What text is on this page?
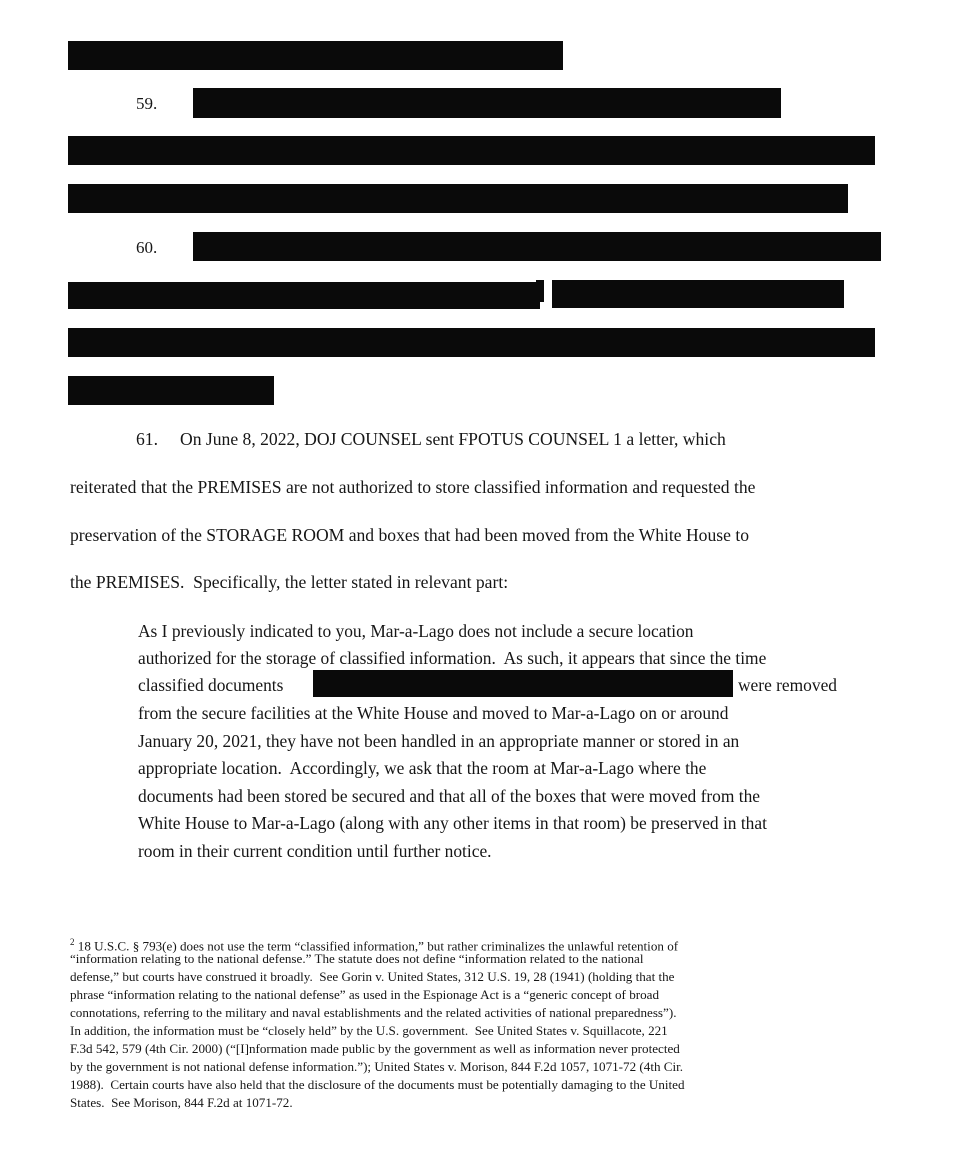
59.
60.
61.     On June 8, 2022, DOJ COUNSEL sent FPOTUS COUNSEL 1 a letter, which
reiterated that the PREMISES are not authorized to store classified information and requested the
preservation of the STORAGE ROOM and boxes that had been moved from the White House to
the PREMISES.  Specifically, the letter stated in relevant part:
As I previously indicated to you, Mar-a-Lago does not include a secure location
authorized for the storage of classified information.  As such, it appears that since the time
classified documents	were removed
from the secure facilities at the White House and moved to Mar-a-Lago on or around
January 20, 2021, they have not been handled in an appropriate manner or stored in an
appropriate location.  Accordingly, we ask that the room at Mar-a-Lago where the
documents had been stored be secured and that all of the boxes that were moved from the
White House to Mar-a-Lago (along with any other items in that room) be preserved in that
room in their current condition until further notice.
$^2$ 18 U.S.C. § 793(e) does not use the term “classified information,” but rather criminalizes the unlawful retention of
“information relating to the national defense.” The statute does not define “information related to the national
defense,” but courts have construed it broadly.  See Gorin v. United States, 312 U.S. 19, 28 (1941) (holding that the
phrase “information relating to the national defense” as used in the Espionage Act is a “generic concept of broad
connotations, referring to the military and naval establishments and the related activities of national preparedness”).
In addition, the information must be “closely held” by the U.S. government.  See United States v. Squillacote, 221
F.3d 542, 579 (4th Cir. 2000) (“[I]nformation made public by the government as well as information never protected
by the government is not national defense information.”); United States v. Morison, 844 F.2d 1057, 1071-72 (4th Cir.
1988).  Certain courts have also held that the disclosure of the documents must be potentially damaging to the United
States.  See Morison, 844 F.2d at 1071-72.
